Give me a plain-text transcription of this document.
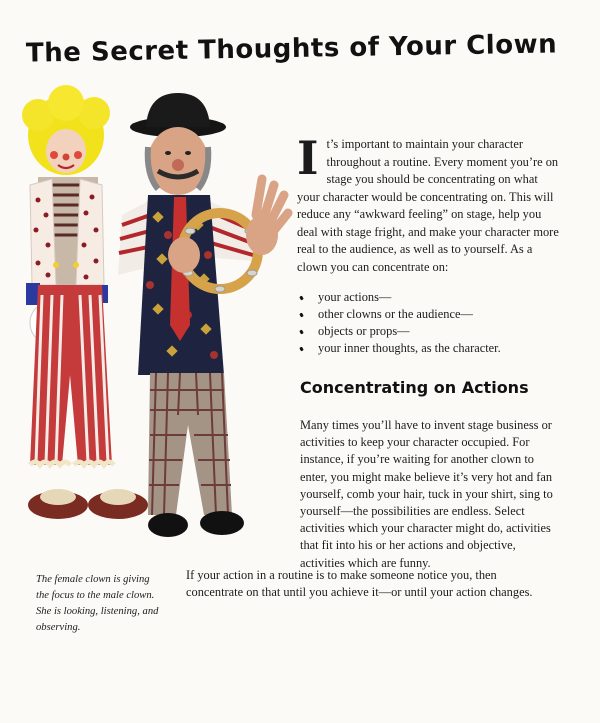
The Secret Thoughts of Your Clown
It’s important to maintain your character throughout a routine. Every moment you’re on stage you should be concentrating on what your character would be concentrating on. This will reduce any “awkward feeling” on stage, help you deal with stage fright, and make your character more real to the audience, as well as to yourself. As a clown you can concentrate on:
your actions—
other clowns or the audience—
objects or props—
your inner thoughts, as the character.
Concentrating on Actions
Many times you’ll have to invent stage business or activities to keep your character occupied. For instance, if you’re waiting for another clown to enter, you might make believe it’s very hot and fan yourself, comb your hair, tuck in your shirt, sing to yourself—the possibilities are endless. Select activities which your character might do, activities that fit into his or her actions and objective, activities which are funny.
The female clown is giving the focus to the male clown. She is looking, listening, and observing.
If your action in a routine is to make someone notice you, then concentrate on that until you achieve it—or until your action changes.
